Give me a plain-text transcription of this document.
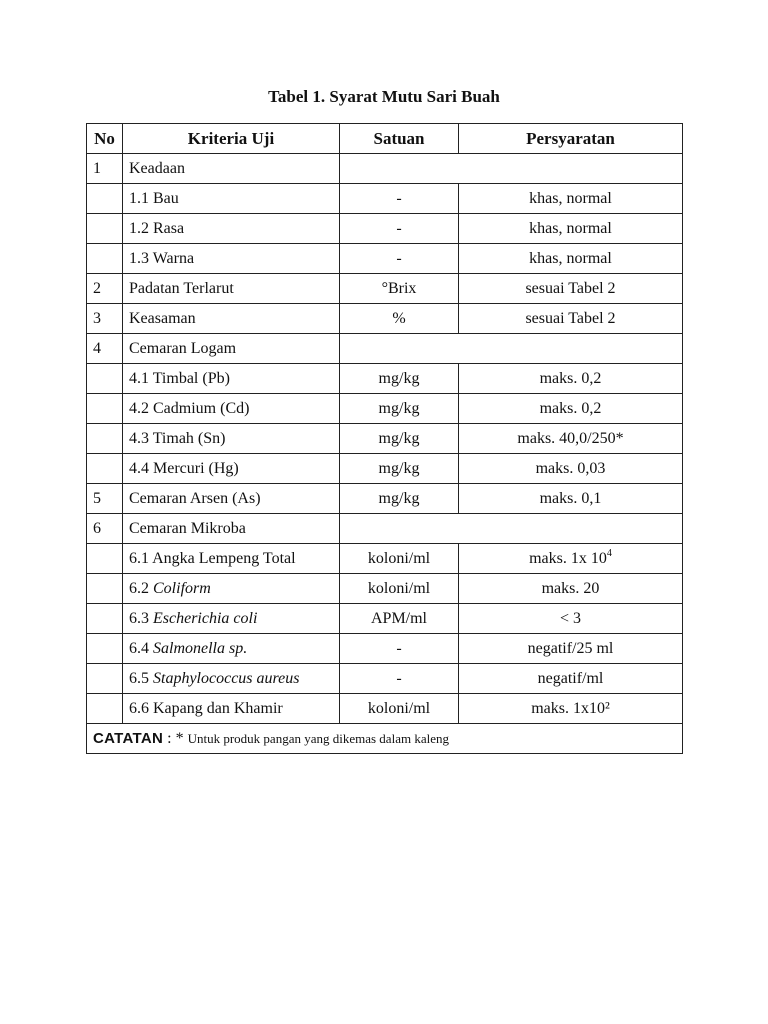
Tabel 1. Syarat Mutu Sari Buah
No	Kriteria Uji	Satuan	Persyaratan
1	Keadaan		
	1.1 Bau	-	khas, normal
	1.2 Rasa	-	khas, normal
	1.3 Warna	-	khas, normal
2	Padatan Terlarut	°Brix	sesuai Tabel 2
3	Keasaman	%	sesuai Tabel 2
4	Cemaran Logam		
	4.1 Timbal (Pb)	mg/kg	maks. 0,2
	4.2 Cadmium (Cd)	mg/kg	maks. 0,2
	4.3 Timah (Sn)	mg/kg	maks. 40,0/250*
	4.4 Mercuri (Hg)	mg/kg	maks. 0,03
5	Cemaran Arsen (As)	mg/kg	maks. 0,1
6	Cemaran Mikroba		
	6.1 Angka Lempeng Total	koloni/ml	maks. 1x $10^4$
	6.2 Coliform	koloni/ml	maks. 20
	6.3 Escherichia coli	APM/ml	< 3
	6.4 Salmonella sp.	-	negatif/25 ml
	6.5 Staphylococcus aureus	-	negatif/ml
	6.6 Kapang dan Khamir	koloni/ml	maks. 1x10²
CATATAN : * Untuk produk pangan yang dikemas dalam kaleng			
